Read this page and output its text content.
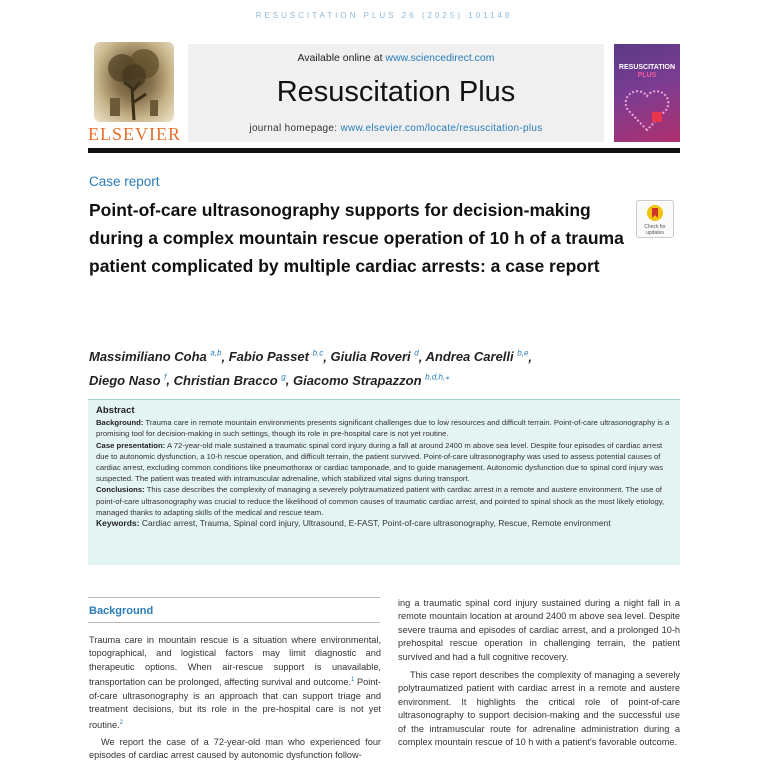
RESUSCITATION PLUS 26 (2025) 101148
ELSEVIER
Available online at www.sciencedirect.com
Resuscitation Plus
journal homepage: www.elsevier.com/locate/resuscitation-plus
RESUSCITATION
PLUS
Case report
Point-of-care ultrasonography supports for decision-making during a complex mountain rescue operation of 10 h of a trauma patient complicated by multiple cardiac arrests: a case report
Check for updates
Massimiliano Coha $^{a,b}$, Fabio Passet $^{b,c}$, Giulia Roveri $^d$, Andrea Carelli $^{b,e}$,
Diego Naso $^f$, Christian Bracco $^g$, Giacomo Strapazzon $^{b,d,h,⁎}$
Abstract

Background: Trauma care in remote mountain environments presents significant challenges due to low resources and difficult terrain. Point-of-care ultrasonography is a promising tool for decision-making in such settings, though its role in pre-hospital care is not yet routine.

Case presentation: A 72-year-old male sustained a traumatic spinal cord injury during a fall at around 2400 m above sea level. Despite four episodes of cardiac arrest due to autonomic dysfunction, a 10-h rescue operation, and difficult terrain, the patient survived. Point-of-care ultrasonography was used to assess potential causes of cardiac arrest, excluding common conditions like pneumothorax or cardiac tamponade, and to guide management. Autonomic dysfunction due to spinal cord injury was suspected. The patient was treated with intramuscular adrenaline, which stabilized vital signs during transport.

Conclusions: This case describes the complexity of managing a severely polytraumatized patient with cardiac arrest in a remote and austere environment. The use of point-of-care ultrasonography was crucial to reduce the likelihood of common causes of traumatic cardiac arrest, and pointed to spinal shock as the most likely etiology, managed thanks to adapting skills of the medical and rescue team.

Keywords: Cardiac arrest, Trauma, Spinal cord injury, Ultrasound, E-FAST, Point-of-care ultrasonography, Rescue, Remote environment

Background

Trauma care in mountain rescue is a situation where environmental, topographical, and logistical factors may limit diagnostic and therapeutic options. When air-rescue support is unavailable, transportation can be prolonged, affecting survival and outcome.$^1$ Point-of-care ultrasonography is an approach that can support triage and treatment decisions, but its role in the pre-hospital care is not yet routine.$^2$

We report the case of a 72-year-old man who experienced four episodes of cardiac arrest caused by autonomic dysfunction follow-

ing a traumatic spinal cord injury sustained during a night fall in a remote mountain location at around 2400 m above sea level. Despite severe trauma and episodes of cardiac arrest, and a prolonged 10-h prehospital rescue operation in challenging terrain, the patient survived and had a full cognitive recovery.

This case report describes the complexity of managing a severely polytraumatized patient with cardiac arrest in a remote and austere environment. It highlights the critical role of point-of-care ultrasonography to support decision-making and the successful use of the intramuscular route for adrenaline administration during a complex mountain rescue of 10 h with a patient's favorable outcome.
